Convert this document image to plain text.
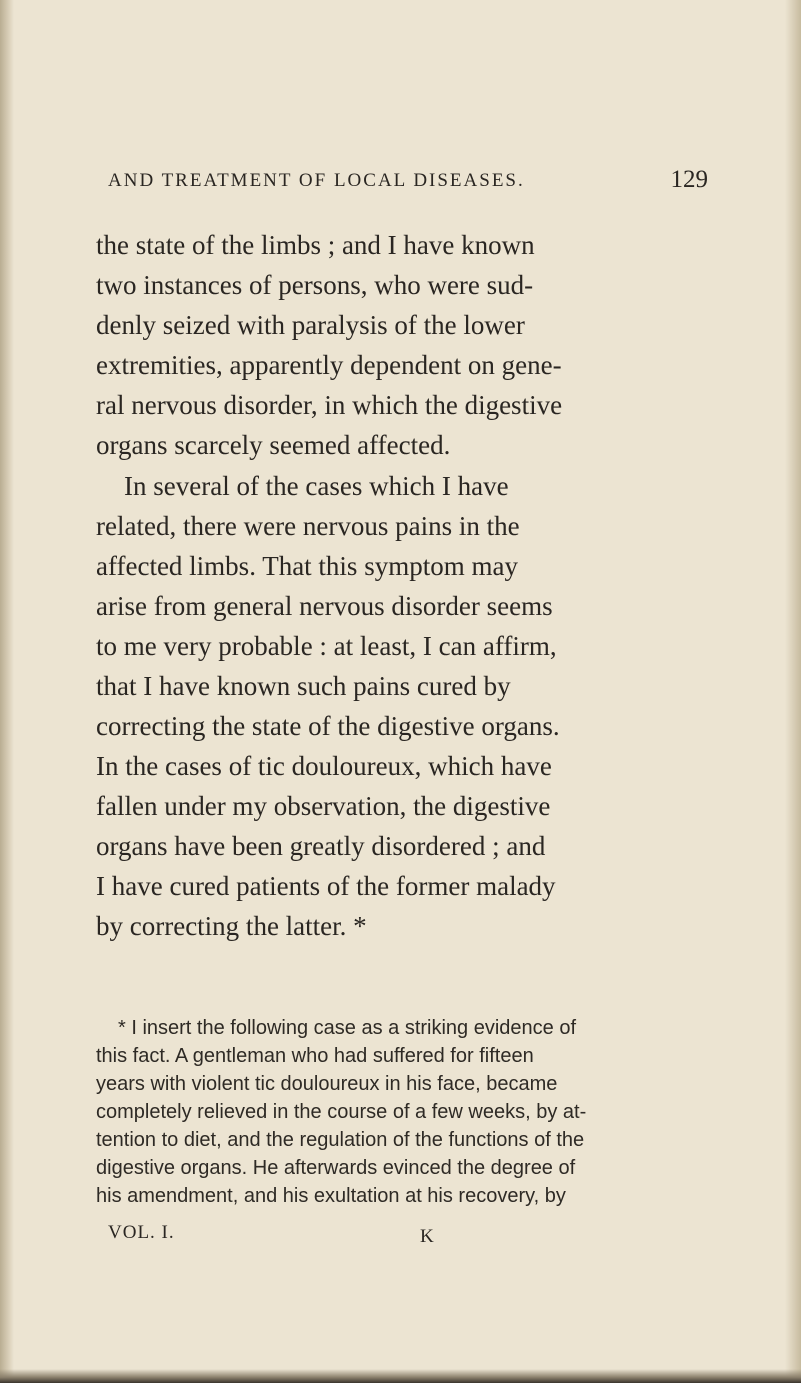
AND TREATMENT OF LOCAL DISEASES.	129
the state of the limbs ; and I have known
two instances of persons, who were sud-
denly seized with paralysis of the lower
extremities, apparently dependent on gene-
ral nervous disorder, in which the digestive
organs scarcely seemed affected.
In several of the cases which I have
related, there were nervous pains in the
affected limbs. That this symptom may
arise from general nervous disorder seems
to me very probable : at least, I can affirm,
that I have known such pains cured by
correcting the state of the digestive organs.
In the cases of tic douloureux, which have
fallen under my observation, the digestive
organs have been greatly disordered ; and
I have cured patients of the former malady
by correcting the latter. *
* I insert the following case as a striking evidence of
this fact. A gentleman who had suffered for fifteen
years with violent tic douloureux in his face, became
completely relieved in the course of a few weeks, by at-
tention to diet, and the regulation of the functions of the
digestive organs. He afterwards evinced the degree of
his amendment, and his exultation at his recovery, by
VOL. I.	K
